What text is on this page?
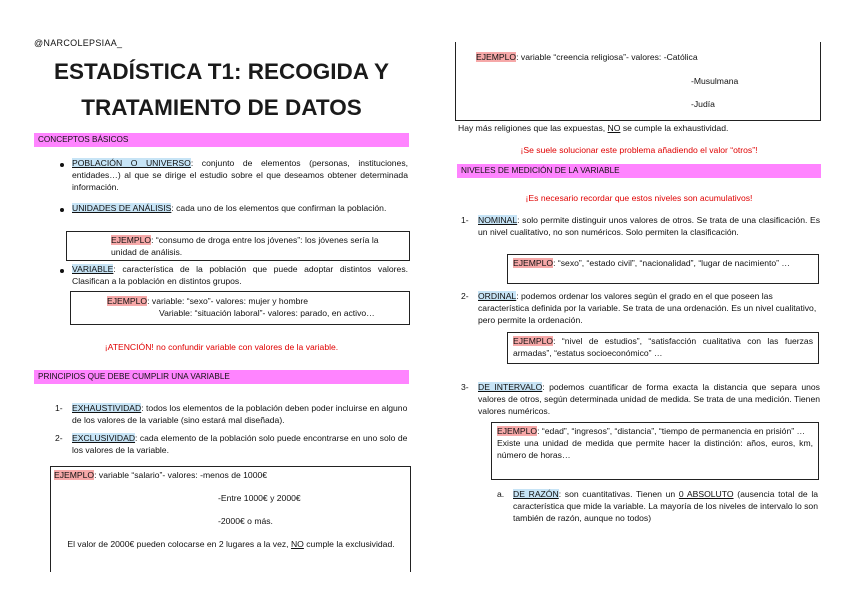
@NARCOLEPSIAA_
ESTADÍSTICA T1: RECOGIDA Y
TRATAMIENTO DE DATOS
CONCEPTOS BÁSICOS
POBLACIÓN O UNIVERSO: conjunto de elementos (personas, instituciones, entidades…) al que se dirige el estudio sobre el que deseamos obtener determinada información.
UNIDADES DE ANÁLISIS: cada uno de los elementos que confirman la población.
EJEMPLO: “consumo de droga entre los jóvenes”: los jóvenes sería la unidad de análisis.
VARIABLE: característica de la población que puede adoptar distintos valores. Clasifican a la población en distintos grupos.
EJEMPLO: variable: “sexo”- valores: mujer y hombre
Variable: “situación laboral”- valores: parado, en activo…
¡ATENCIÓN! no confundir variable con valores de la variable.
PRINCIPIOS QUE DEBE CUMPLIR UNA VARIABLE
1- EXHAUSTIVIDAD: todos los elementos de la población deben poder incluirse en alguno de los valores de la variable (sino estará mal diseñada).
2- EXCLUSIVIDAD: cada elemento de la población solo puede encontrarse en uno solo de los valores de la variable.
EJEMPLO: variable “salario”- valores: -menos de 1000€
-Entre 1000€ y 2000€
-2000€ o más.
El valor de 2000€ pueden colocarse en 2 lugares a la vez, NO cumple la exclusividad.
EJEMPLO: variable “creencia religiosa”- valores: -Católica
-Musulmana
-Judía
Hay más religiones que las expuestas, NO se cumple la exhaustividad.
¡Se suele solucionar este problema añadiendo el valor “otros”!
NIVELES DE MEDICIÓN DE LA VARIABLE
¡Es necesario recordar que estos niveles son acumulativos!
1- NOMINAL: solo permite distinguir unos valores de otros. Se trata de una clasificación. Es un nivel cualitativo, no son numéricos. Solo permiten la clasificación.
EJEMPLO: “sexo”, “estado civil”, “nacionalidad”, “lugar de nacimiento” …
2- ORDINAL: podemos ordenar los valores según el grado en el que poseen las característica definida por la variable. Se trata de una ordenación. Es un nivel cualitativo, pero permite la ordenación.
EJEMPLO: “nivel de estudios”, “satisfacción cualitativa con las fuerzas armadas”, “estatus socioeconómico” …
3- DE INTERVALO: podemos cuantificar de forma exacta la distancia que separa unos valores de otros, según determinada unidad de medida. Se trata de una medición. Tienen valores numéricos.
EJEMPLO: “edad”, “ingresos”, “distancia”, “tiempo de permanencia en prisión” …
Existe una unidad de medida que permite hacer la distinción: años, euros, km, número de horas…
a. DE RAZÓN: son cuantitativas. Tienen un 0 ABSOLUTO (ausencia total de la característica que mide la variable. La mayoría de los niveles de intervalo lo son también de razón, aunque no todos)
